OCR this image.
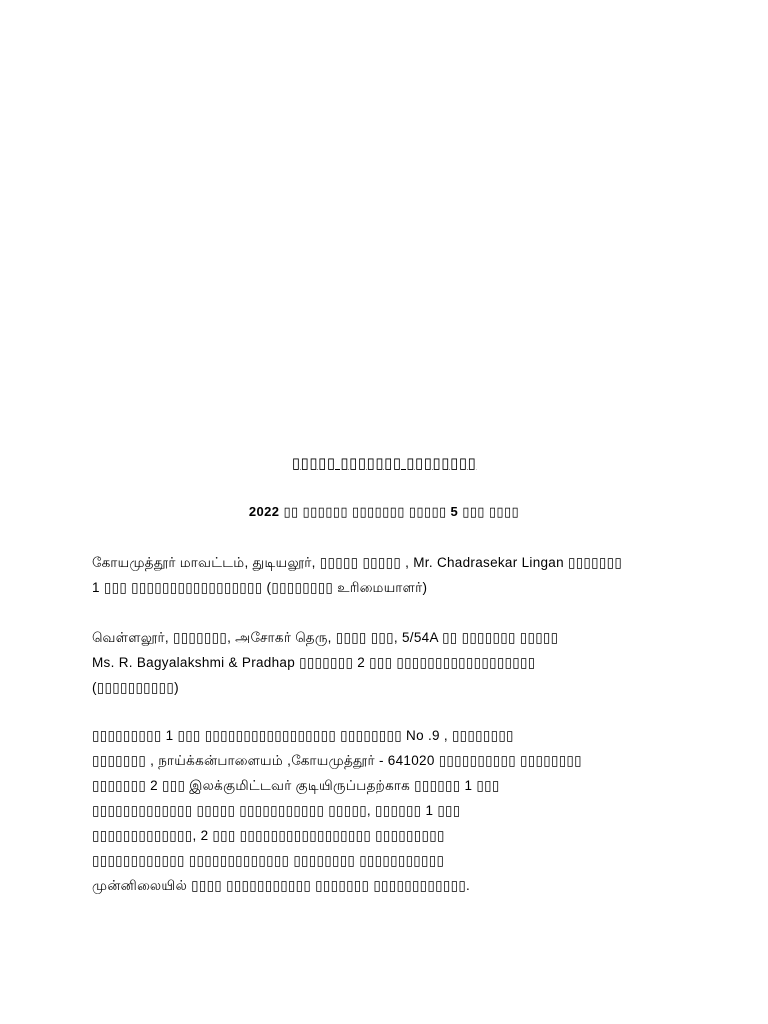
▯▯▯▯▯ ▯▯▯▯▯▯▯ ▯▯▯▯▯▯▯▯
2022 ▯▯ ▯▯▯▯▯▯ ▯▯▯▯▯▯▯ ▯▯▯▯▯ 5 ▯▯▯ ▯▯▯▯
கோயமுத்தூர் மாவட்டம், துடியலூர், ▯▯▯▯▯ ▯▯▯▯▯ , Mr. Chadrasekar Lingan ▯▯▯▯▯▯▯
1 ▯▯▯ ▯▯▯▯▯▯▯▯▯▯▯▯▯▯▯▯▯ (▯▯▯▯▯▯▯▯ உரிமையாளர்)
வெள்ளலூர், ▯▯▯▯▯▯▯, அசோகர் தெரு, ▯▯▯▯ ▯▯▯, 5/54A ▯▯ ▯▯▯▯▯▯▯ ▯▯▯▯▯
Ms. R. Bagyalakshmi & Pradhap ▯▯▯▯▯▯▯ 2 ▯▯▯ ▯▯▯▯▯▯▯▯▯▯▯▯▯▯▯▯▯▯
(▯▯▯▯▯▯▯▯▯▯)
▯▯▯▯▯▯▯▯▯ 1 ▯▯▯ ▯▯▯▯▯▯▯▯▯▯▯▯▯▯▯▯▯ ▯▯▯▯▯▯▯▯ No .9 , ▯▯▯▯▯▯▯▯
▯▯▯▯▯▯▯ , நாய்க்கன்பாளையம் ,கோயமுத்தூர் - 641020 ▯▯▯▯▯▯▯▯▯▯ ▯▯▯▯▯▯▯▯
▯▯▯▯▯▯▯ 2 ▯▯▯ இலக்குமிட்டவர் குடியிருப்பதற்காக ▯▯▯▯▯▯ 1 ▯▯▯
▯▯▯▯▯▯▯▯▯▯▯▯▯ ▯▯▯▯▯ ▯▯▯▯▯▯▯▯▯▯▯ ▯▯▯▯▯, ▯▯▯▯▯▯ 1 ▯▯▯
▯▯▯▯▯▯▯▯▯▯▯▯▯, 2 ▯▯▯ ▯▯▯▯▯▯▯▯▯▯▯▯▯▯▯▯▯ ▯▯▯▯▯▯▯▯▯
▯▯▯▯▯▯▯▯▯▯▯▯ ▯▯▯▯▯▯▯▯▯▯▯▯▯ ▯▯▯▯▯▯▯▯ ▯▯▯▯▯▯▯▯▯▯▯
முன்னிலையில் ▯▯▯▯ ▯▯▯▯▯▯▯▯▯▯▯ ▯▯▯▯▯▯▯ ▯▯▯▯▯▯▯▯▯▯▯▯.
